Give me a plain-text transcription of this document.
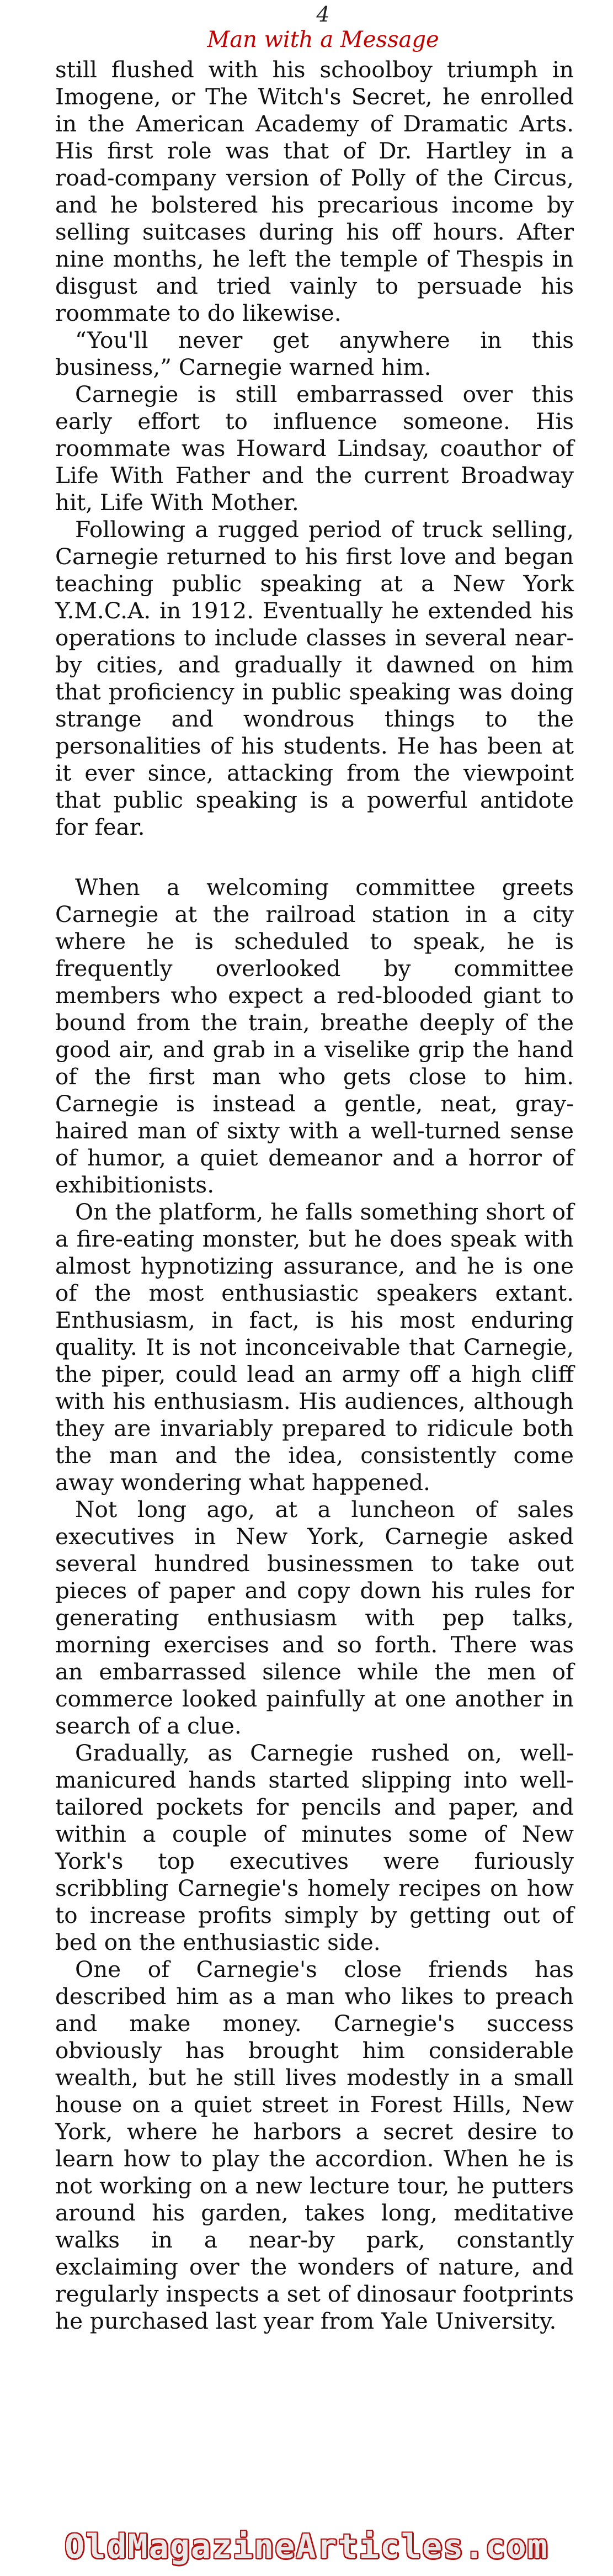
4
Man with a Message

still flushed with his schoolboy triumph in Imogene, or The Witch's Secret, he enrolled in the American Academy of Dramatic Arts. His first role was that of Dr. Hartley in a road-company version of Polly of the Circus, and he bolstered his precarious income by selling suitcases during his off hours. After nine months, he left the temple of Thespis in disgust and tried vainly to persuade his roommate to do likewise.

“You'll never get anywhere in this business,” Carnegie warned him.

Carnegie is still embarrassed over this early effort to influence someone. His roommate was Howard Lindsay, coauthor of Life With Father and the current Broadway hit, Life With Mother.

Following a rugged period of truck selling, Carnegie returned to his first love and began teaching public speaking at a New York Y.M.C.A. in 1912. Eventually he extended his operations to include classes in several near-by cities, and gradually it dawned on him that proficiency in public speaking was doing strange and wondrous things to the personalities of his students. He has been at it ever since, attacking from the viewpoint that public speaking is a powerful antidote for fear.

When a welcoming committee greets Carnegie at the railroad station in a city where he is scheduled to speak, he is frequently overlooked by committee members who expect a red-blooded giant to bound from the train, breathe deeply of the good air, and grab in a viselike grip the hand of the first man who gets close to him. Carnegie is instead a gentle, neat, gray-haired man of sixty with a well-turned sense of humor, a quiet demeanor and a horror of exhibitionists.

On the platform, he falls something short of a fire-eating monster, but he does speak with almost hypnotizing assurance, and he is one of the most enthusiastic speakers extant. Enthusiasm, in fact, is his most enduring quality. It is not inconceivable that Carnegie, the piper, could lead an army off a high cliff with his enthusiasm. His audiences, although they are invariably prepared to ridicule both the man and the idea, consistently come away wondering what happened.

Not long ago, at a luncheon of sales executives in New York, Carnegie asked several hundred businessmen to take out pieces of paper and copy down his rules for generating enthusiasm with pep talks, morning exercises and so forth. There was an embarrassed silence while the men of commerce looked painfully at one another in search of a clue.

Gradually, as Carnegie rushed on, well-manicured hands started slipping into well-tailored pockets for pencils and paper, and within a couple of minutes some of New York's top executives were furiously scribbling Carnegie's homely recipes on how to increase profits simply by getting out of bed on the enthusiastic side.

One of Carnegie's close friends has described him as a man who likes to preach and make money. Carnegie's success obviously has brought him considerable wealth, but he still lives modestly in a small house on a quiet street in Forest Hills, New York, where he harbors a secret desire to learn how to play the accordion. When he is not working on a new lecture tour, he putters around his garden, takes long, meditative walks in a near-by park, constantly exclaiming over the wonders of nature, and regularly inspects a set of dinosaur footprints he purchased last year from Yale University.

OldMagazineArticles.com
